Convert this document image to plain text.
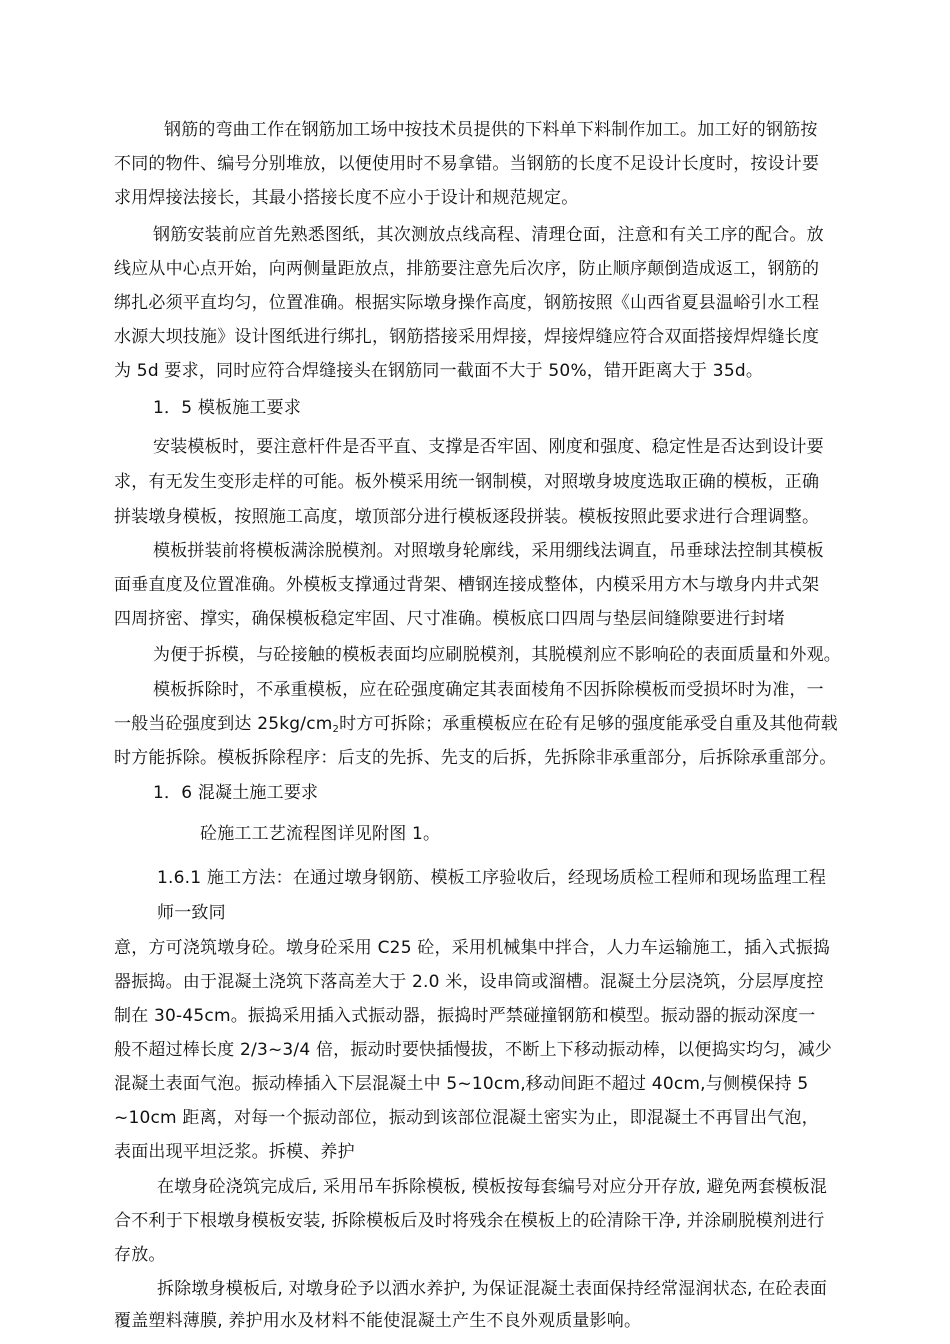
钢筋的弯曲工作在钢筋加工场中按技术员提供的下料单下料制作加工。加工好的钢筋按
不同的物件、编号分别堆放，以便使用时不易拿错。当钢筋的长度不足设计长度时，按设计要
求用焊接法接长，其最小搭接长度不应小于设计和规范规定。
钢筋安装前应首先熟悉图纸，其次测放点线高程、清理仓面，注意和有关工序的配合。放
线应从中心点开始，向两侧量距放点，排筋要注意先后次序，防止顺序颠倒造成返工，钢筋的
绑扎必须平直均匀，位置准确。根据实际墩身操作高度，钢筋按照《山西省夏县温峪引水工程
水源大坝技施》设计图纸进行绑扎，钢筋搭接采用焊接，焊接焊缝应符合双面搭接焊焊缝长度
为 5d 要求，同时应符合焊缝接头在钢筋同一截面不大于 50%，错开距离大于 35d。
1．5 模板施工要求
安装模板时，要注意杆件是否平直、支撑是否牢固、刚度和强度、稳定性是否达到设计要
求，有无发生变形走样的可能。板外模采用统一钢制模，对照墩身坡度选取正确的模板，正确
拼装墩身模板，按照施工高度，墩顶部分进行模板逐段拼装。模板按照此要求进行合理调整。
模板拼装前将模板满涂脱模剂。对照墩身轮廓线，采用绷线法调直，吊垂球法控制其模板
面垂直度及位置准确。外模板支撑通过背架、槽钢连接成整体，内模采用方木与墩身内井式架
四周挤密、撑实，确保模板稳定牢固、尺寸准确。模板底口四周与垫层间缝隙要进行封堵
为便于拆模，与砼接触的模板表面均应刷脱模剂，其脱模剂应不影响砼的表面质量和外观。
模板拆除时，不承重模板，应在砼强度确定其表面棱角不因拆除模板而受损坏时为准，一
一般当砼强度到达 25kg/cm2时方可拆除；承重模板应在砼有足够的强度能承受自重及其他荷载
时方能拆除。模板拆除程序：后支的先拆、先支的后拆，先拆除非承重部分，后拆除承重部分。
1．6 混凝土施工要求
砼施工工艺流程图详见附图 1。
1.6.1 施工方法：在通过墩身钢筋、模板工序验收后，经现场质检工程师和现场监理工程
师一致同
意，方可浇筑墩身砼。墩身砼采用 C25 砼，采用机械集中拌合，人力车运输施工，插入式振捣
器振捣。由于混凝土浇筑下落高差大于 2.0 米，设串筒或溜槽。混凝土分层浇筑，分层厚度控
制在 30-45cm。振捣采用插入式振动器，振捣时严禁碰撞钢筋和模型。振动器的振动深度一
般不超过棒长度 2/3~3/4 倍，振动时要快插慢拔，不断上下移动振动棒，以便捣实均匀，减少
混凝土表面气泡。振动棒插入下层混凝土中 5~10cm,移动间距不超过 40cm,与侧模保持 5
~10cm 距离，对每一个振动部位，振动到该部位混凝土密实为止，即混凝土不再冒出气泡，
表面出现平坦泛浆。拆模、养护
在墩身砼浇筑完成后, 采用吊车拆除模板, 模板按每套编号对应分开存放, 避免两套模板混
合不利于下根墩身模板安装, 拆除模板后及时将残余在模板上的砼清除干净, 并涂刷脱模剂进行
存放。
拆除墩身模板后, 对墩身砼予以洒水养护, 为保证混凝土表面保持经常湿润状态, 在砼表面
覆盖塑料薄膜, 养护用水及材料不能使混凝土产生不良外观质量影响。
